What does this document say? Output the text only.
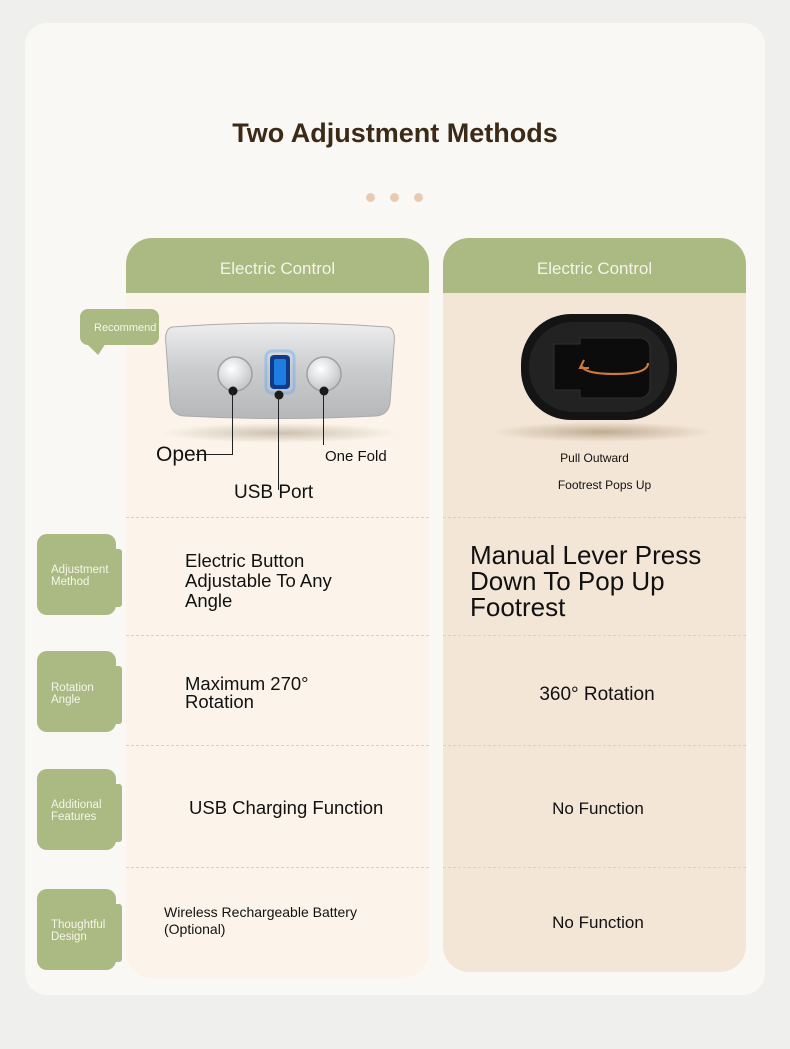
Two Adjustment Methods
Electric Control	Electric Control
Recommend
Open	One Fold
USB Port
Pull Outward
Footrest Pops Up
Adjustment Method
Rotation Angle
Additional Features
Thoughtful Design
Electric Button Adjustable To Any Angle
Maximum 270° Rotation
USB Charging Function
Wireless Rechargeable Battery (Optional)
Manual Lever Press Down To Pop Up Footrest
360° Rotation
No Function
No Function
